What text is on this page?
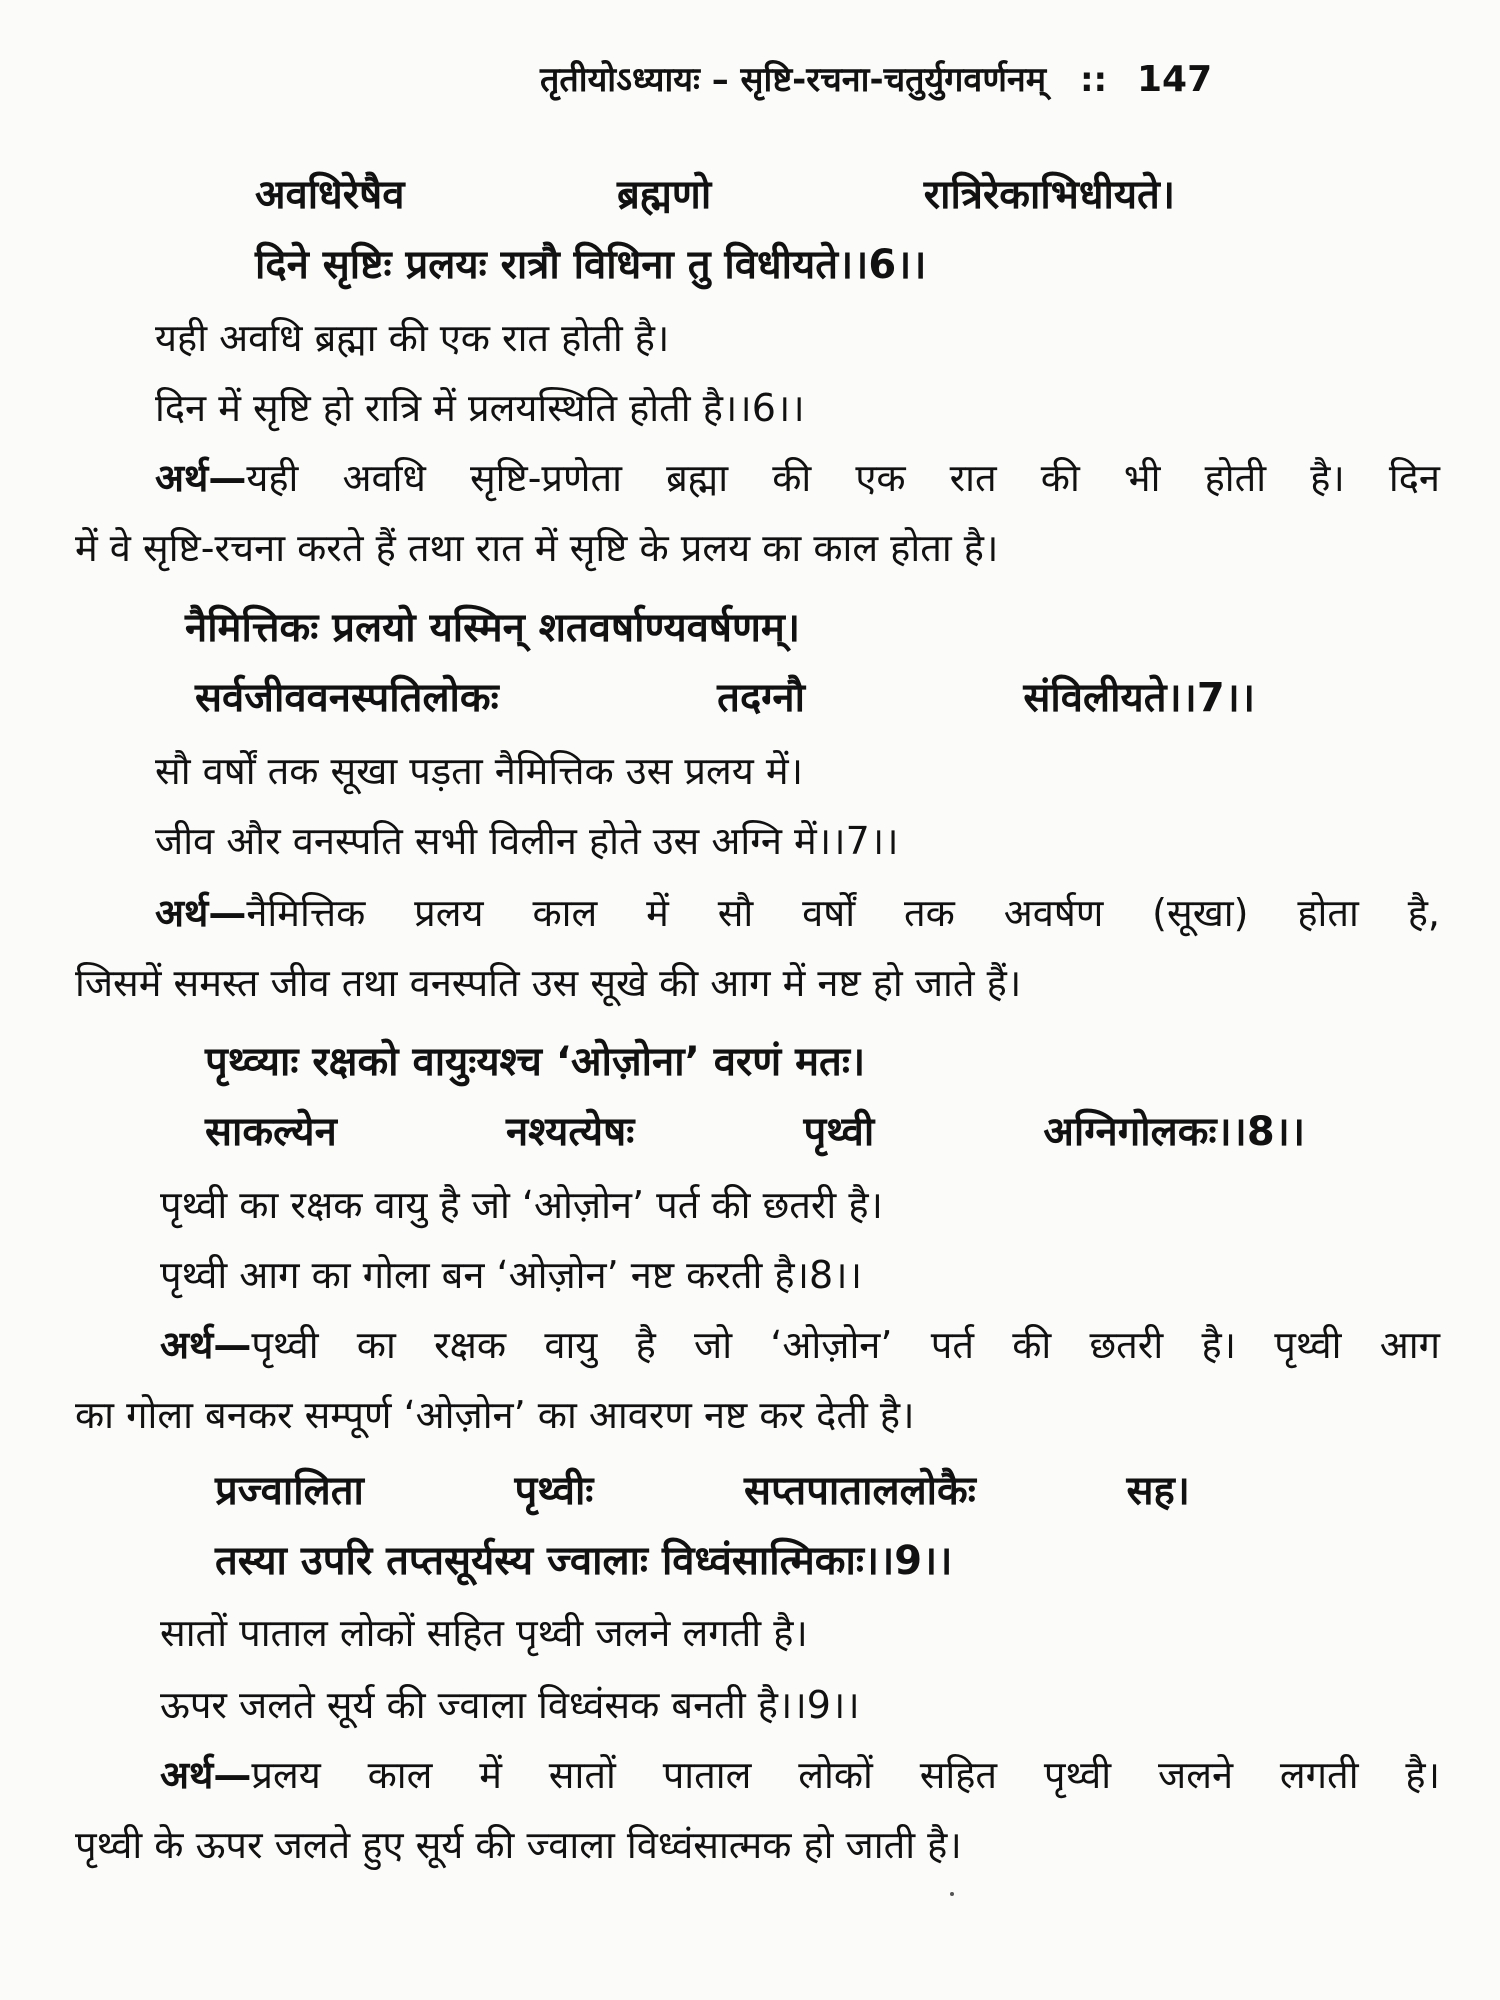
तृतीयोऽध्यायः – सृष्टि-रचना-चतुर्युगवर्णनम् :: 147
अवधिरेषैव	ब्रह्मणो	रात्रिरेकाभिधीयते।
दिने सृष्टिः प्रलयः रात्रौ विधिना तु विधीयते।।6।।
यही अवधि ब्रह्मा की एक रात होती है।
दिन में सृष्टि हो रात्रि में प्रलयस्थिति होती है।।6।।
अर्थ—यही अवधि सृष्टि-प्रणेता ब्रह्मा की एक रात की भी होती है। दिन
में वे सृष्टि-रचना करते हैं तथा रात में सृष्टि के प्रलय का काल होता है।
नैमित्तिकः प्रलयो यस्मिन् शतवर्षाण्यवर्षणम्।
सर्वजीववनस्पतिलोकः	तदग्नौ	संविलीयते।।7।।
सौ वर्षों तक सूखा पड़ता नैमित्तिक उस प्रलय में।
जीव और वनस्पति सभी विलीन होते उस अग्नि में।।7।।
अर्थ—नैमित्तिक प्रलय काल में सौ वर्षों तक अवर्षण (सूखा) होता है,
जिसमें समस्त जीव तथा वनस्पति उस सूखे की आग में नष्ट हो जाते हैं।
पृथ्व्याः रक्षको वायुःयश्च ‘ओज़ोना’ वरणं मतः।
साकल्येन	नश्यत्येषः	पृथ्वी	अग्निगोलकः।।8।।
पृथ्वी का रक्षक वायु है जो ‘ओज़ोन’ पर्त की छतरी है।
पृथ्वी आग का गोला बन ‘ओज़ोन’ नष्ट करती है।8।।
अर्थ—पृथ्वी का रक्षक वायु है जो ‘ओज़ोन’ पर्त की छतरी है। पृथ्वी आग
का गोला बनकर सम्पूर्ण ‘ओज़ोन’ का आवरण नष्ट कर देती है।
प्रज्वालिता	पृथ्वीः	सप्तपाताललोकैः	सह।
तस्या उपरि तप्तसूर्यस्य ज्वालाः विध्वंसात्मिकाः।।9।।
सातों पाताल लोकों सहित पृथ्वी जलने लगती है।
ऊपर जलते सूर्य की ज्वाला विध्वंसक बनती है।।9।।
अर्थ—प्रलय काल में सातों पाताल लोकों सहित पृथ्वी जलने लगती है।
पृथ्वी के ऊपर जलते हुए सूर्य की ज्वाला विध्वंसात्मक हो जाती है।
